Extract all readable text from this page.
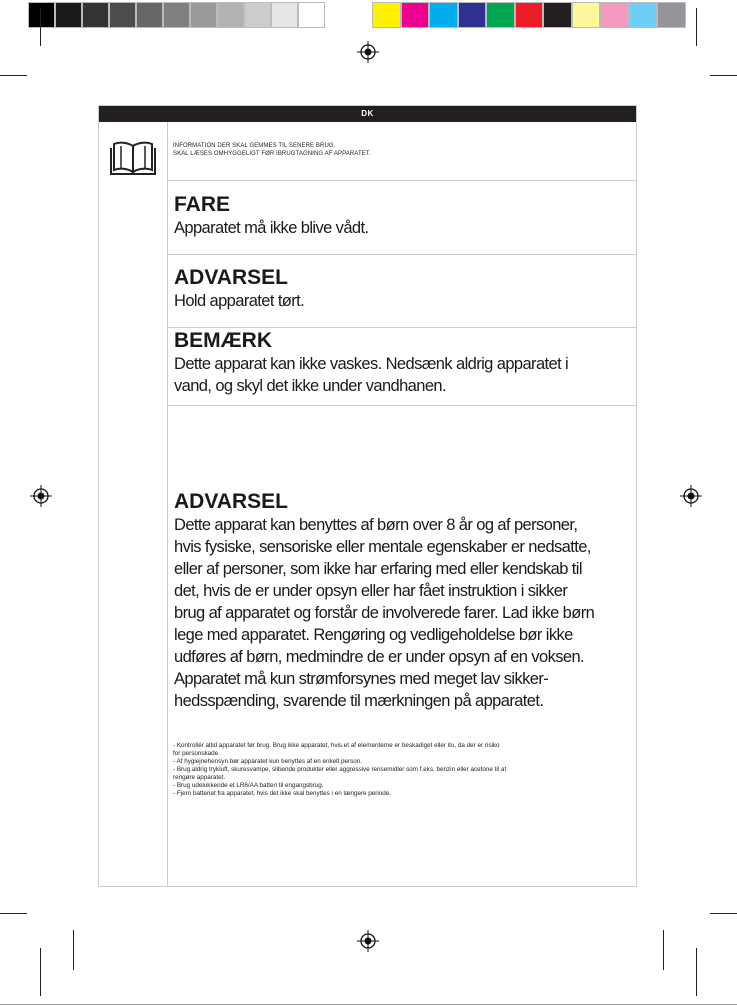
DK
INFORMATION DER SKAL GEMMES TIL SENERE BRUG.
SKAL LÆSES OMHYGGELIGT FØR IBRUGTAGNING AF APPARATET.
FARE
Apparatet må ikke blive vådt.
ADVARSEL
Hold apparatet tørt.
BEMÆRK
Dette apparat kan ikke vaskes. Nedsænk aldrig apparatet i
vand, og skyl det ikke under vandhanen.
ADVARSEL
Dette apparat kan benyttes af børn over 8 år og af personer,
hvis fysiske, sensoriske eller mentale egenskaber er nedsatte,
eller af personer, som ikke har erfaring med eller kendskab til
det, hvis de er under opsyn eller har fået instruktion i sikker
brug af apparatet og forstår de involverede farer. Lad ikke børn
lege med apparatet. Rengøring og vedligeholdelse bør ikke
udføres af børn, medmindre de er under opsyn af en voksen.
Apparatet må kun strømforsynes med meget lav sikker-
hedsspænding, svarende til mærkningen på apparatet.
- Kontrollér altid apparatet før brug. Brug ikke apparatet, hvis et af elementerne er beskadiget eller itu, da der er risiko
for personskade.
- Af hygiejnehensyn bør apparatet kun benyttes af en enkelt person.
- Brug aldrig trykluft, skuresvampe, slibende produkter eller aggressive rensemidler som f.eks. benzin eller acetone til at
rengøre apparatet.
- Brug udelukkende et LR6/AA batteri til engangsbrug.
- Fjern batteriet fra apparatet, hvis det ikke skal benyttes i en længere periode.
